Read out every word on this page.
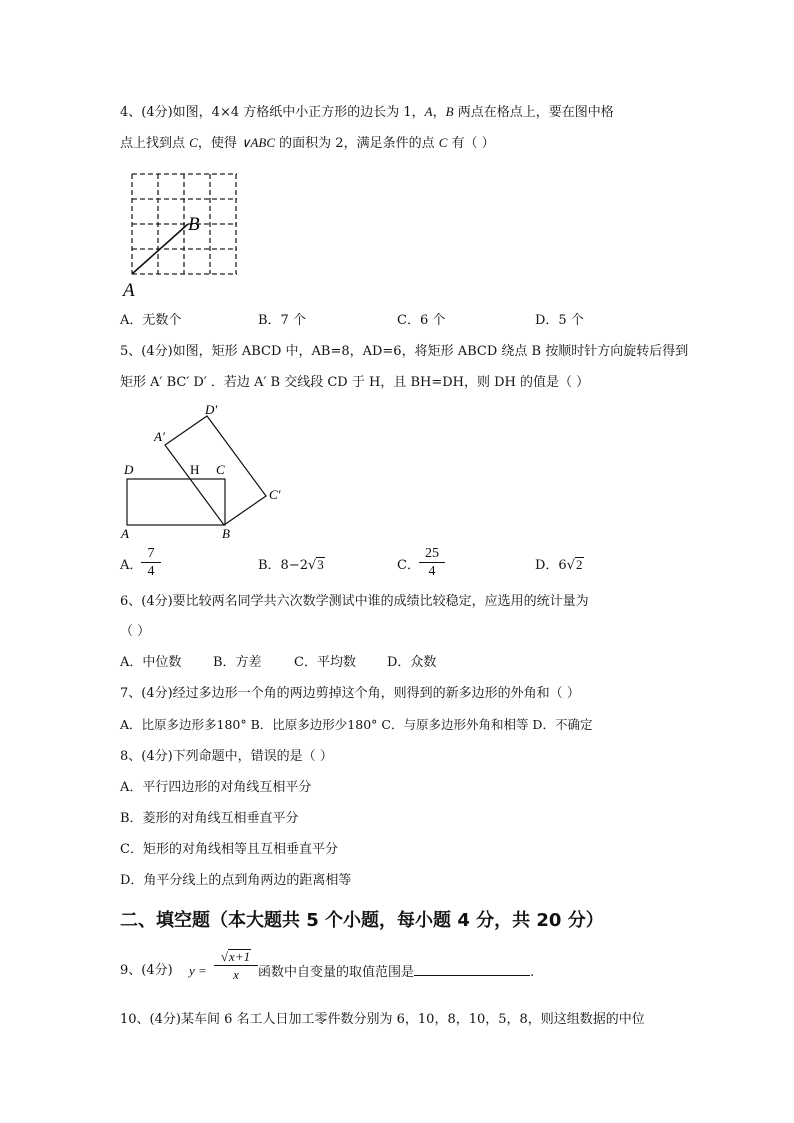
4、(4分)如图，4×4 方格纸中小正方形的边长为 1，A，B 两点在格点上，要在图中格
点上找到点 C，使得 ∨ABC 的面积为 2，满足条件的点 C 有（ ）
A
B
A．无数个	B．7 个	C．6 个	D．5 个
5、(4分)如图，矩形 ABCD 中，AB=8，AD=6，将矩形 ABCD 绕点 B 按顺时针方向旋转后得到
矩形 A′ BC′ D′ ．若边 A′ B 交线段 CD 于 H，且 BH=DH，则 DH 的值是（ ）
D	H C
A	B
A′
D′
C′
A．
$\frac{7}{4}$	B．8−2√3	C． $\frac{25}{4}$	D．6√2
6、(4分)要比较两名同学共六次数学测试中谁的成绩比较稳定，应选用的统计量为
（ ）
A．中位数 B．方差 C．平均数 D．众数
7、(4分)经过多边形一个角的两边剪掉这个角，则得到的新多边形的外角和（ ）
A．比原多边形多180° B．比原多边形少180° C．与原多边形外角和相等 D．不确定
8、(4分)下列命题中，错误的是（ ）
A．平行四边形的对角线互相平分
B．菱形的对角线互相垂直平分
C．矩形的对角线相等且互相垂直平分
D．角平分线上的点到角两边的距离相等
二、填空题（本大题共 5 个小题，每小题 4 分，共 20 分）
9、(4分) $y = \frac{√x+1}{x}$ 函数中自变量的取值范围是	.
10、(4分)某车间 6 名工人日加工零件数分别为 6，10，8，10，5，8，则这组数据的中位
